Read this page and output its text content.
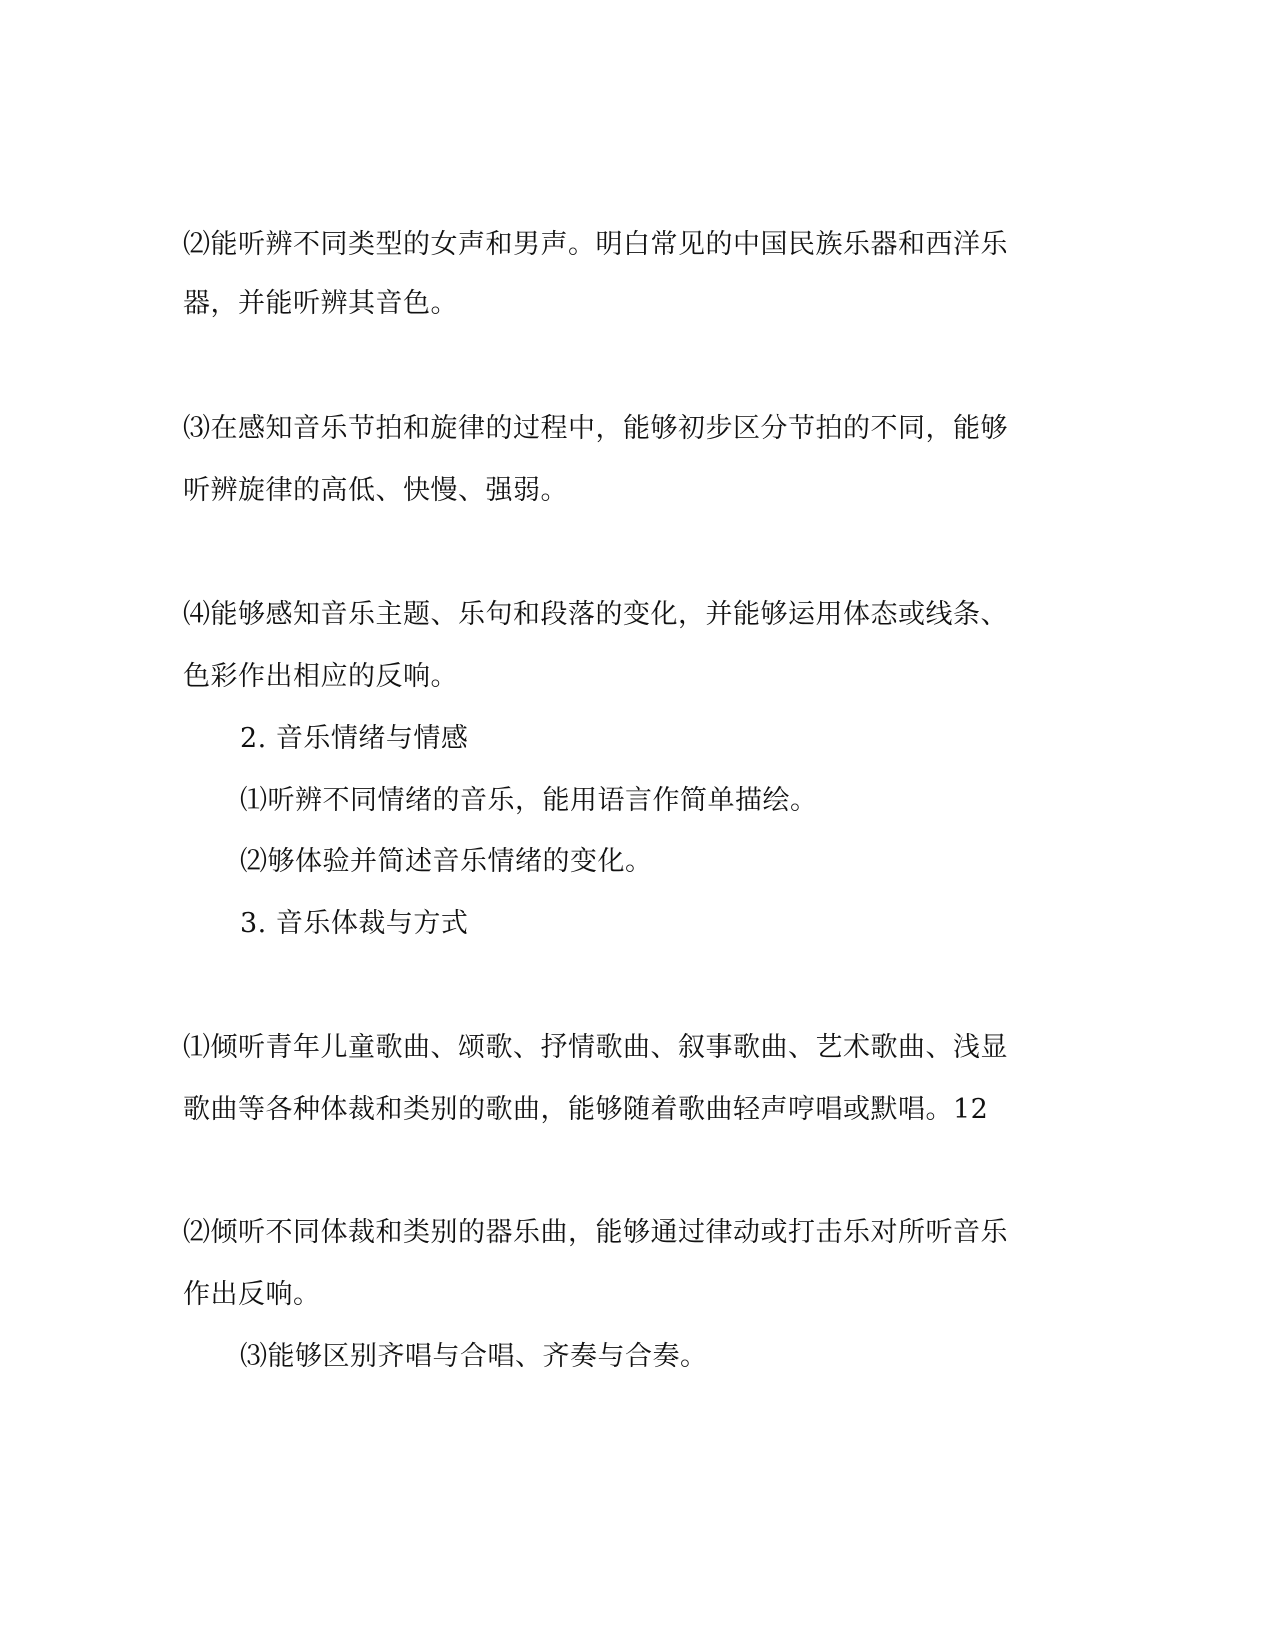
⑵能听辨不同类型的女声和男声。明白常见的中国民族乐器和西洋乐
器，并能听辨其音色。
⑶在感知音乐节拍和旋律的过程中，能够初步区分节拍的不同，能够
听辨旋律的高低、快慢、强弱。
⑷能够感知音乐主题、乐句和段落的变化，并能够运用体态或线条、
色彩作出相应的反响。
2. 音乐情绪与情感
⑴听辨不同情绪的音乐，能用语言作简单描绘。
⑵够体验并简述音乐情绪的变化。
3. 音乐体裁与方式
⑴倾听青年儿童歌曲、颂歌、抒情歌曲、叙事歌曲、艺术歌曲、浅显
歌曲等各种体裁和类别的歌曲，能够随着歌曲轻声哼唱或默唱。12
⑵倾听不同体裁和类别的器乐曲，能够通过律动或打击乐对所听音乐
作出反响。
⑶能够区别齐唱与合唱、齐奏与合奏。
